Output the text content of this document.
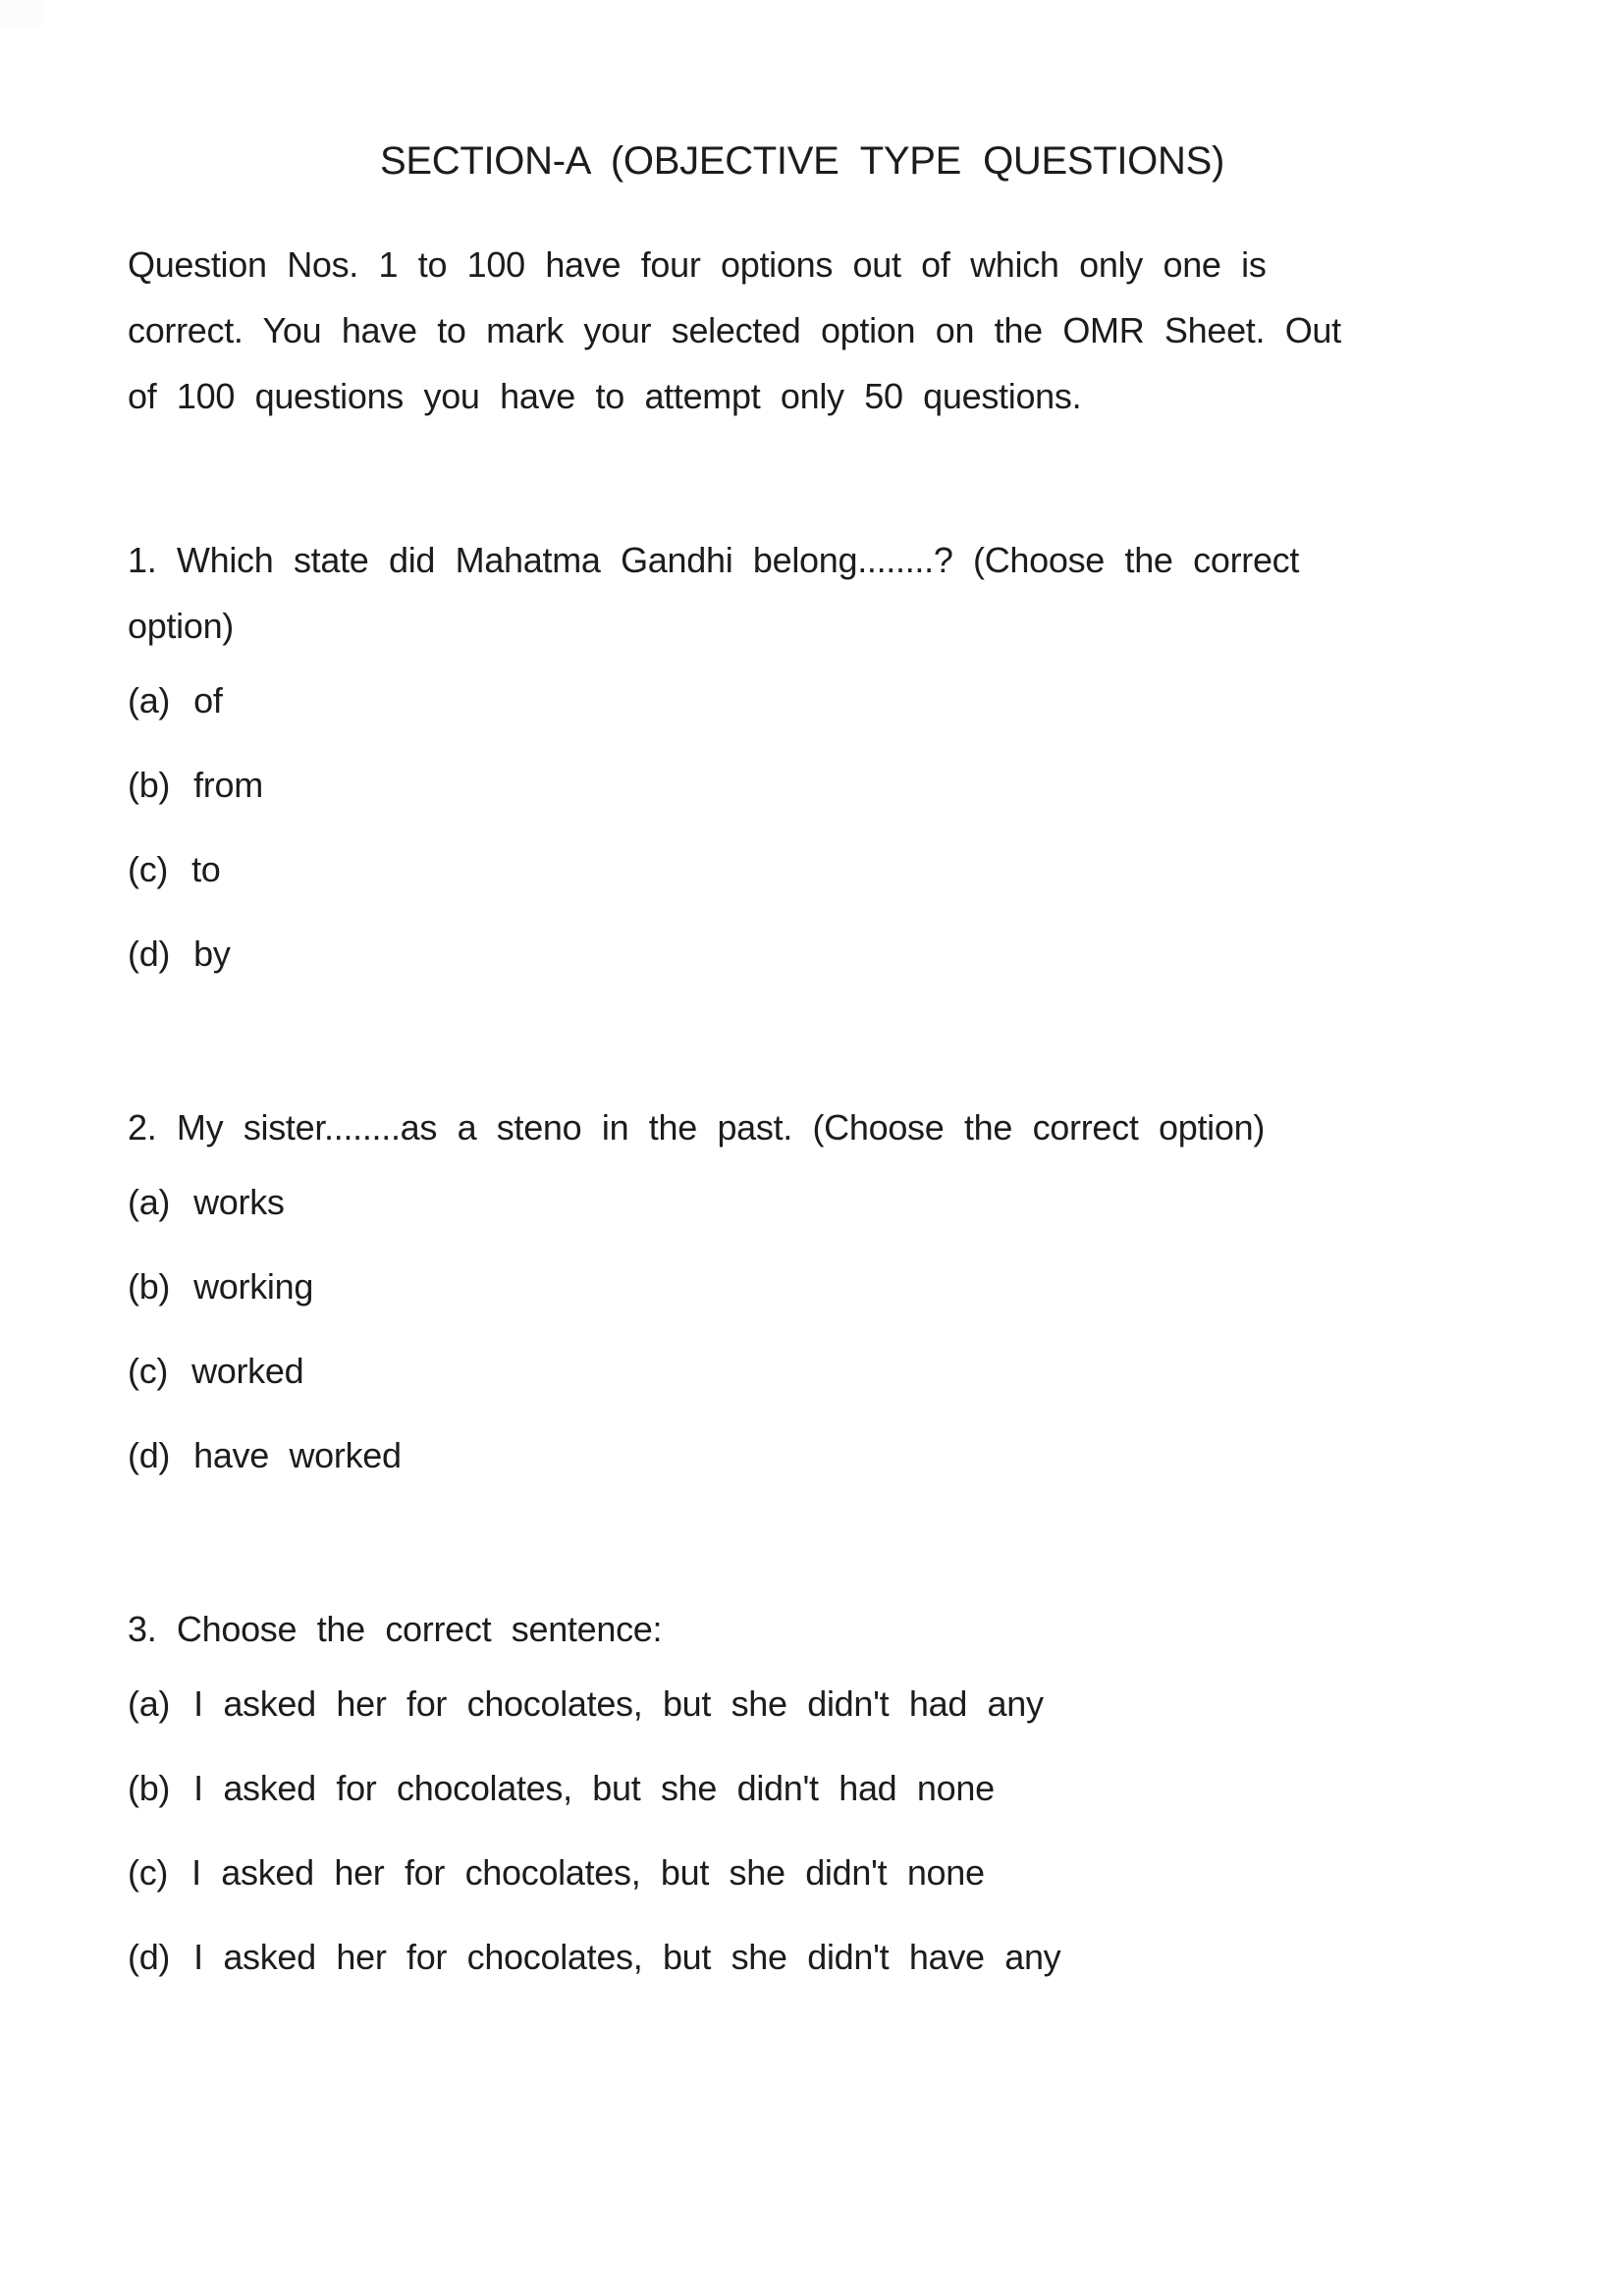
SECTION-A (OBJECTIVE TYPE QUESTIONS)
Question Nos. 1 to 100 have four options out of which only one is
correct. You have to mark your selected option on the OMR Sheet. Out
of 100 questions you have to attempt only 50 questions.
1. Which state did Mahatma Gandhi belong........? (Choose the correct
option)
(a) of
(b) from
(c) to
(d) by
2. My sister........as a steno in the past. (Choose the correct option)
(a) works
(b) working
(c) worked
(d) have worked
3. Choose the correct sentence:
(a) I asked her for chocolates, but she didn't had any
(b) I asked for chocolates, but she didn't had none
(c) I asked her for chocolates, but she didn't none
(d) I asked her for chocolates, but she didn't have any
